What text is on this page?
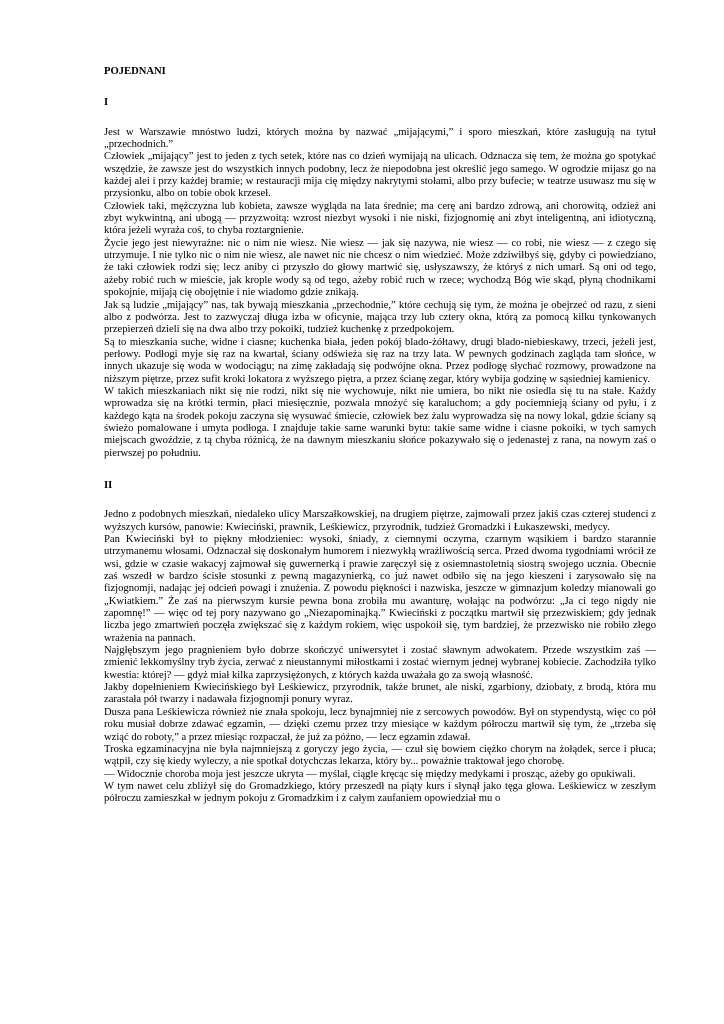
POJEDNANI
I

Jest w Warszawie mnóstwo ludzi, których można by nazwać „mijającymi,” i sporo mieszkań, które zasługują na tytuł „przechodnich.”

Człowiek „mijający” jest to jeden z tych setek, które nas co dzień wymijają na ulicach. Odznacza się tem, że można go spotykać wszędzie, że zawsze jest do wszystkich innych podobny, lecz że niepodobna jest określić jego samego. W ogrodzie mijasz go na każdej alei i przy każdej bramie; w restauracji mija cię między nakrytymi stołami, albo przy bufecie; w teatrze usuwasz mu się w przysionku, albo on tobie obok krzeseł.

Człowiek taki, mężczyzna lub kobieta, zawsze wygląda na lata średnie; ma cerę ani bardzo zdrową, ani chorowitą, odzież ani zbyt wykwintną, ani ubogą — przyzwoitą: wzrost niezbyt wysoki i nie niski, fizjognomię ani zbyt inteligentną, ani idiotyczną, która jeżeli wyraża coś, to chyba roztargnienie.

Życie jego jest niewyraźne: nic o nim nie wiesz. Nie wiesz — jak się nazywa, nie wiesz — co robi, nie wiesz — z czego się utrzymuje. I nie tylko nic o nim nie wiesz, ale nawet nic nie chcesz o nim wiedzieć. Może zdziwiłbyś się, gdyby ci powiedziano, że taki człowiek rodzi się; lecz aniby ci przyszło do głowy martwić się, usłyszawszy, że któryś z nich umarł. Są oni od tego, ażeby robić ruch w mieście, jak krople wody są od tego, ażeby robić ruch w rzece; wychodzą Bóg wie skąd, płyną chodnikami spokojnie, mijają cię obojętnie i nie wiadomo gdzie znikają.

Jak są ludzie „mijający” nas, tak bywają mieszkania „przechodnie,” które cechują się tym, że można je obejrzeć od razu, z sieni albo z podwórza. Jest to zazwyczaj długa izba w oficynie, mająca trzy lub cztery okna, którą za pomocą kilku tynkowanych przepierzeń dzieli się na dwa albo trzy pokoiki, tudzież kuchenkę z przedpokojem.

Są to mieszkania suche, widne i ciasne; kuchenka biała, jeden pokój blado-żółtawy, drugi blado-niebieskawy, trzeci, jeżeli jest, perłowy. Podłogi myje się raz na kwartał, ściany odświeża się raz na trzy lata. W pewnych godzinach zagląda tam słońce, w innych ukazuje się woda w wodociągu; na zimę zakładają się podwójne okna. Przez podłogę słychać rozmowy, prowadzone na niższym piętrze, przez sufit kroki lokatora z wyższego piętra, a przez ścianę zegar, który wybija godzinę w sąsiedniej kamienicy.

W takich mieszkaniach nikt się nie rodzi, nikt się nie wychowuje, nikt nie umiera, bo nikt nie osiedla się tu na stałe. Każdy wprowadza się na krótki termin, płaci miesięcznie, pozwala mnożyć się karaluchom; a gdy pociemnieją ściany od pyłu, i z każdego kąta na środek pokoju zaczyna się wysuwać śmiecie, człowiek bez żalu wyprowadza się na nowy lokal, gdzie ściany są świeżo pomalowane i umyta podłoga. I znajduje takie same warunki bytu: takie same widne i ciasne pokoiki, w tych samych miejscach gwoździe, z tą chyba różnicą, że na dawnym mieszkaniu słońce pokazywało się o jedenastej z rana, na nowym zaś o pierwszej po południu.

II

Jedno z podobnych mieszkań, niedaleko ulicy Marszałkowskiej, na drugiem piętrze, zajmowali przez jakiś czas czterej studenci z wyższych kursów, panowie: Kwieciński, prawnik, Leśkiewicz, przyrodnik, tudzież Gromadzki i Łukaszewski, medycy.

Pan Kwieciński był to piękny młodzieniec: wysoki, śniady, z ciemnymi oczyma, czarnym wąsikiem i bardzo starannie utrzymanemu włosami. Odznaczał się doskonałym humorem i niezwykłą wrażliwością serca. Przed dwoma tygodniami wrócił ze wsi, gdzie w czasie wakacyj zajmował się guwernerką i prawie zaręczył się z osiemnastoletnią siostrą swojego ucznia. Obecnie zaś wszedł w bardzo ścisłe stosunki z pewną magazynierką, co już nawet odbiło się na jego kieszeni i zarysowało się na fizjognomji, nadając jej odcień powagi i znużenia. Z powodu piękności i nazwiska, jeszcze w gimnazjum koledzy mianowali go „Kwiatkiem.” Że zaś na pierwszym kursie pewna bona zrobiła mu awanturę, wołając na podwórzu: „Ja ci tego nigdy nie zapomnę!” — więc od tej pory nazywano go „Niezapominajką.” Kwieciński z początku martwił się przezwiskiem; gdy jednak liczba jego zmartwień poczęła zwiększać się z każdym rokiem, więc uspokoił się, tym bardziej, że przezwisko nie robiło złego wrażenia na pannach.

Najgłębszym jego pragnieniem było dobrze skończyć uniwersytet i zostać sławnym adwokatem. Przede wszystkim zaś — zmienić lekkomyślny tryb życia, zerwać z nieustannymi miłostkami i zostać wiernym jednej wybranej kobiecie. Zachodziła tylko kwestia: której? — gdyż miał kilka zaprzysiężonych, z których każda uważała go za swoją własność.

Jakby dopełnieniem Kwiecińskiego był Leśkiewicz, przyrodnik, także brunet, ale niski, zgarbiony, dziobaty, z brodą, która mu zarastała pół twarzy i nadawała fizjognomji ponury wyraz.

Dusza pana Leśkiewicza również nie znała spokoju, lecz bynajmniej nie z sercowych powodów. Był on stypendystą, więc co pół roku musiał dobrze zdawać egzamin, — dzięki czemu przez trzy miesiące w każdym półroczu martwił się tym, że „trzeba się wziąć do roboty,” a przez miesiąc rozpaczał, że już za późno, — lecz egzamin zdawał.

Troska egzaminacyjna nie była najmniejszą z goryczy jego życia, — czuł się bowiem ciężko chorym na żołądek, serce i płuca; wątpił, czy się kiedy wyleczy, a nie spotkał dotychczas lekarza, który by... poważnie traktował jego chorobę.

— Widocznie choroba moja jest jeszcze ukryta — myślał, ciągle kręcąc się między medykami i prosząc, ażeby go opukiwali.

W tym nawet celu zbliżył się do Gromadzkiego, który przeszedł na piąty kurs i słynął jako tęga głowa. Leśkiewicz w zeszłym półroczu zamieszkał w jednym pokoju z Gromadzkim i z całym zaufaniem opowiedział mu o
